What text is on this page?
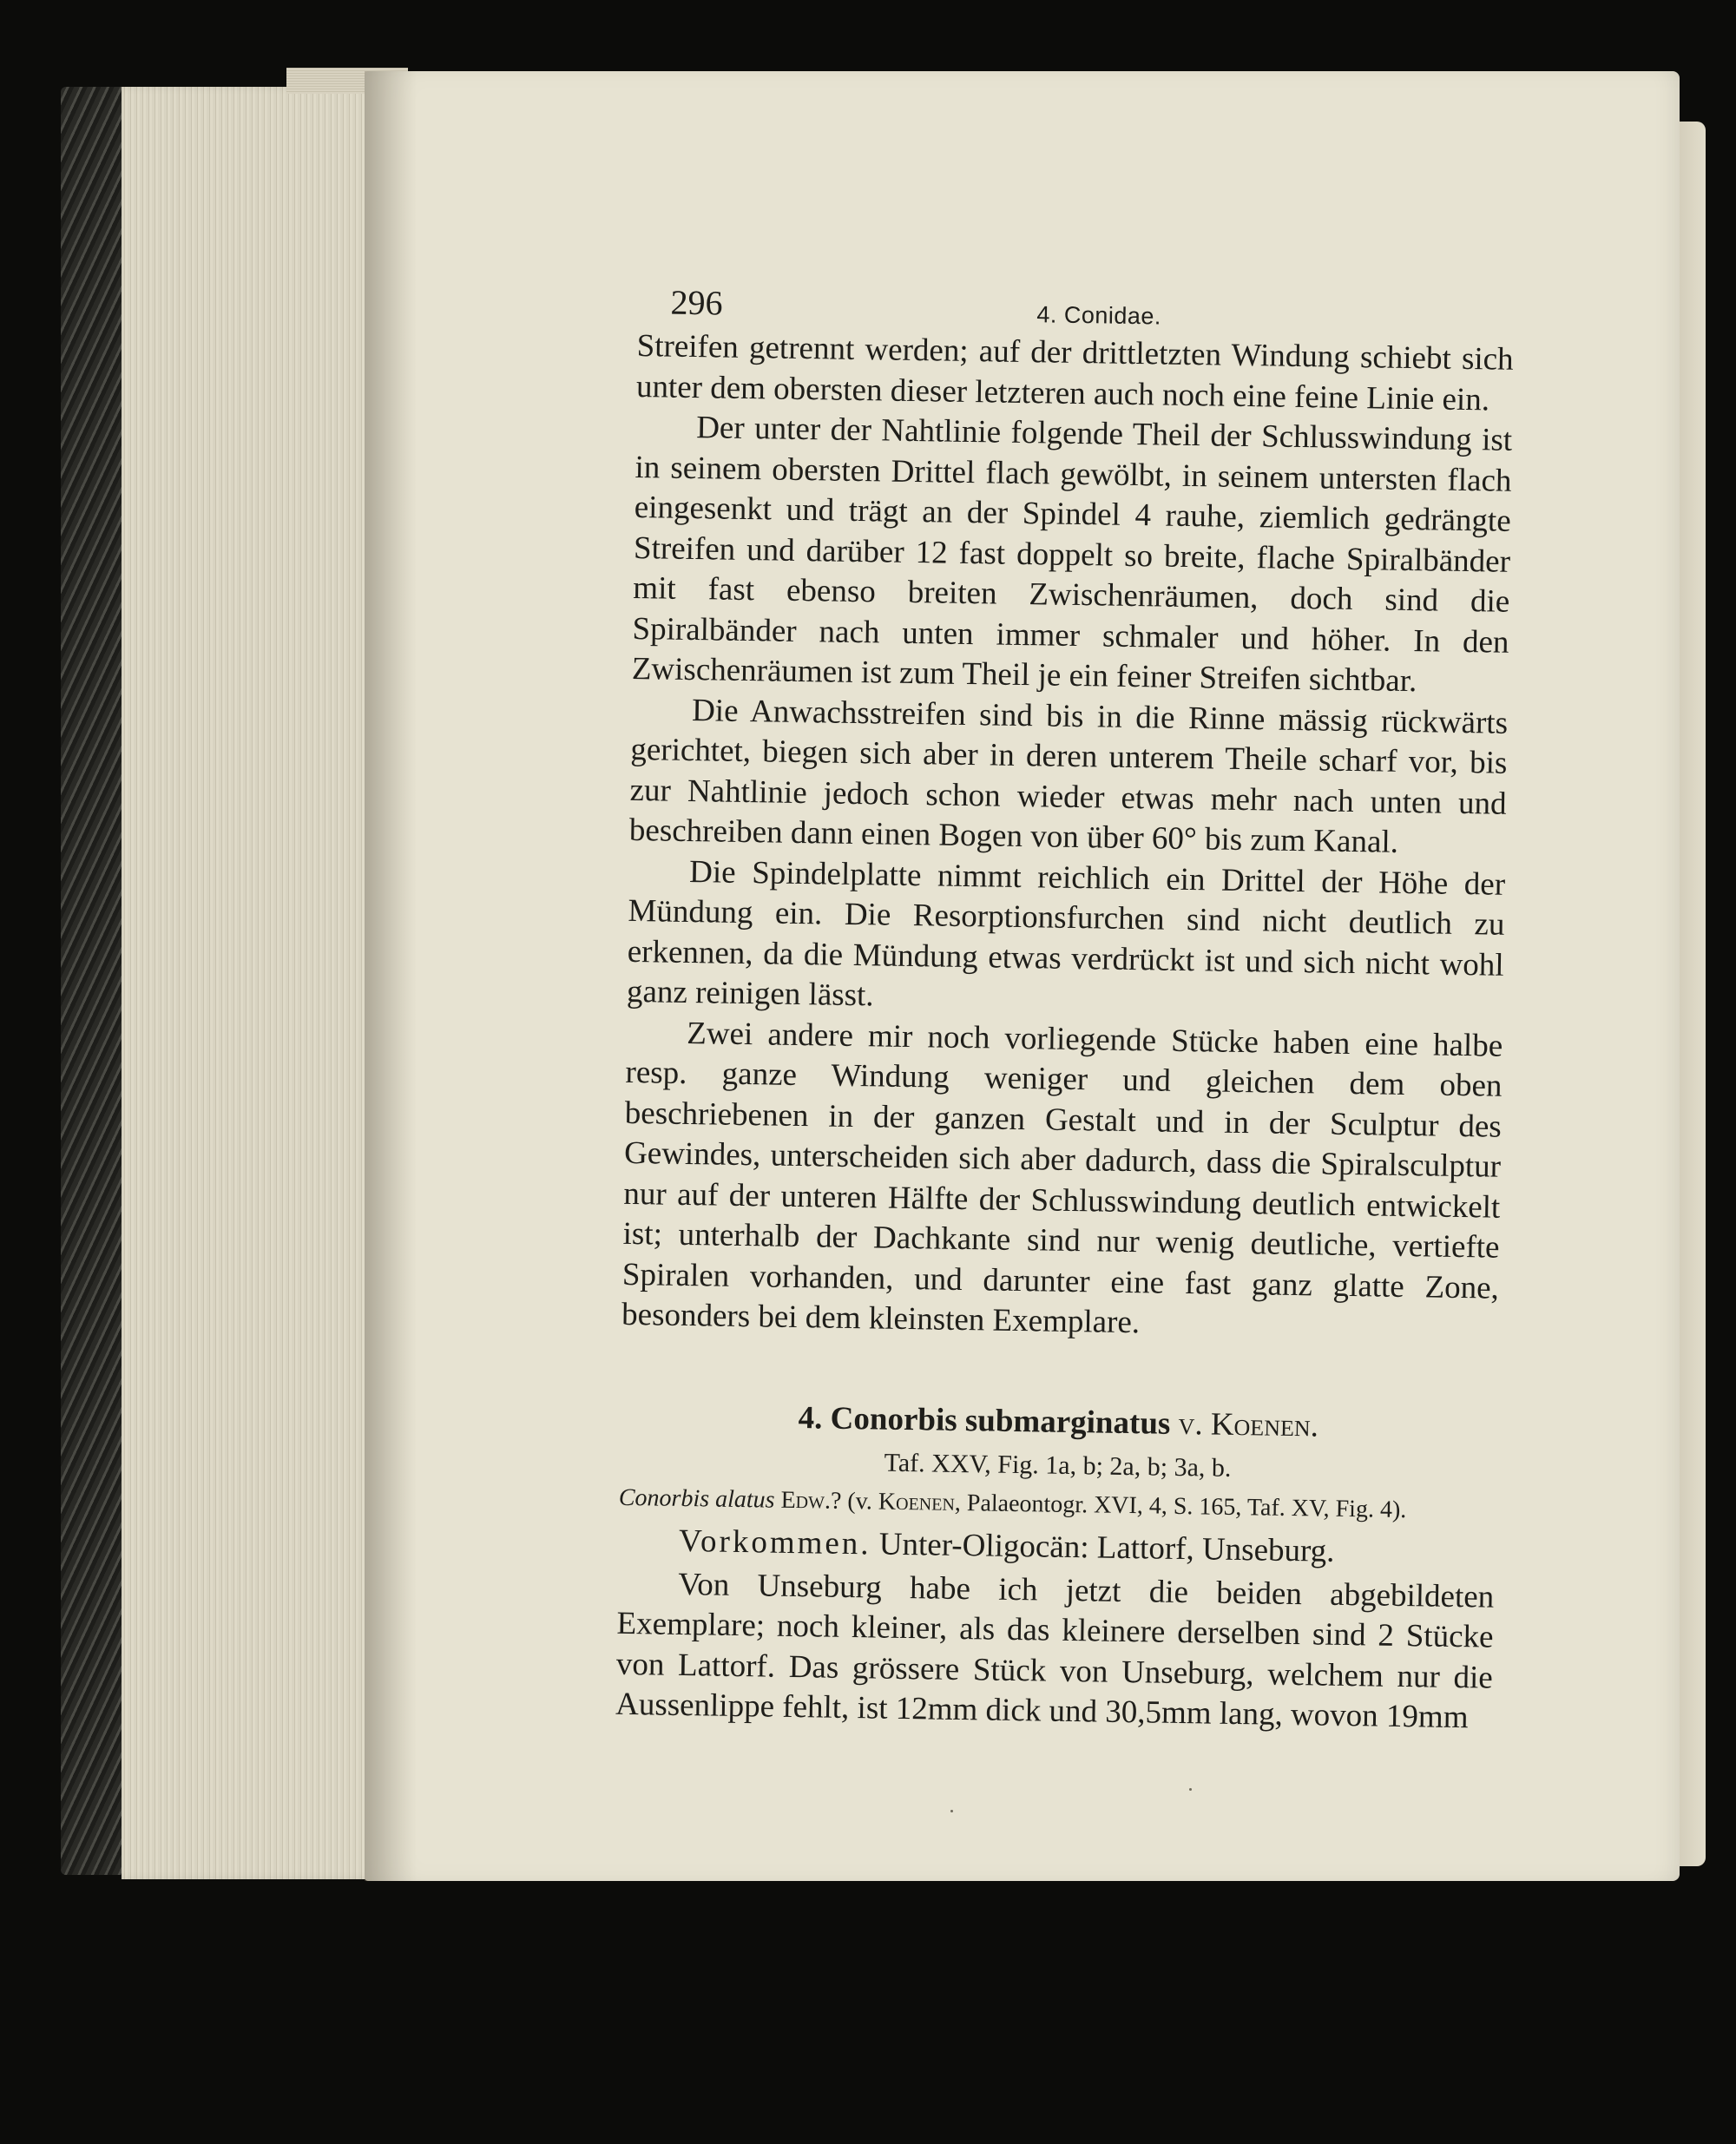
296	4. Conidae.

Streifen getrennt werden; auf der drittletzten Windung schiebt sich unter dem obersten dieser letzteren auch noch eine feine Linie ein.

Der unter der Nahtlinie folgende Theil der Schlusswindung ist in seinem obersten Drittel flach gewölbt, in seinem untersten flach eingesenkt und trägt an der Spindel 4 rauhe, ziemlich gedrängte Streifen und darüber 12 fast doppelt so breite, flache Spiralbänder mit fast ebenso breiten Zwischenräumen, doch sind die Spiralbänder nach unten immer schmaler und höher. In den Zwischenräumen ist zum Theil je ein feiner Streifen sichtbar.

Die Anwachsstreifen sind bis in die Rinne mässig rückwärts gerichtet, biegen sich aber in deren unterem Theile scharf vor, bis zur Nahtlinie jedoch schon wieder etwas mehr nach unten und beschreiben dann einen Bogen von über 60° bis zum Kanal.

Die Spindelplatte nimmt reichlich ein Drittel der Höhe der Mündung ein. Die Resorptionsfurchen sind nicht deutlich zu erkennen, da die Mündung etwas verdrückt ist und sich nicht wohl ganz reinigen lässt.

Zwei andere mir noch vorliegende Stücke haben eine halbe resp. ganze Windung weniger und gleichen dem oben beschriebenen in der ganzen Gestalt und in der Sculptur des Gewindes, unterscheiden sich aber dadurch, dass die Spiralsculptur nur auf der unteren Hälfte der Schlusswindung deutlich entwickelt ist; unterhalb der Dachkante sind nur wenig deutliche, vertiefte Spiralen vorhanden, und darunter eine fast ganz glatte Zone, besonders bei dem kleinsten Exemplare.

4. Conorbis submarginatus v. Koenen.
Taf. XXV, Fig. 1a, b; 2a, b; 3a, b.
Conorbis alatus Edw.? (v. Koenen, Palaeontogr. XVI, 4, S. 165, Taf. XV, Fig. 4).
Vorkommen. Unter-Oligocän: Lattorf, Unseburg.

Von Unseburg habe ich jetzt die beiden abgebildeten Exemplare; noch kleiner, als das kleinere derselben sind 2 Stücke von Lattorf. Das grössere Stück von Unseburg, welchem nur die Aussenlippe fehlt, ist 12mm dick und 30,5mm lang, wovon 19mm
